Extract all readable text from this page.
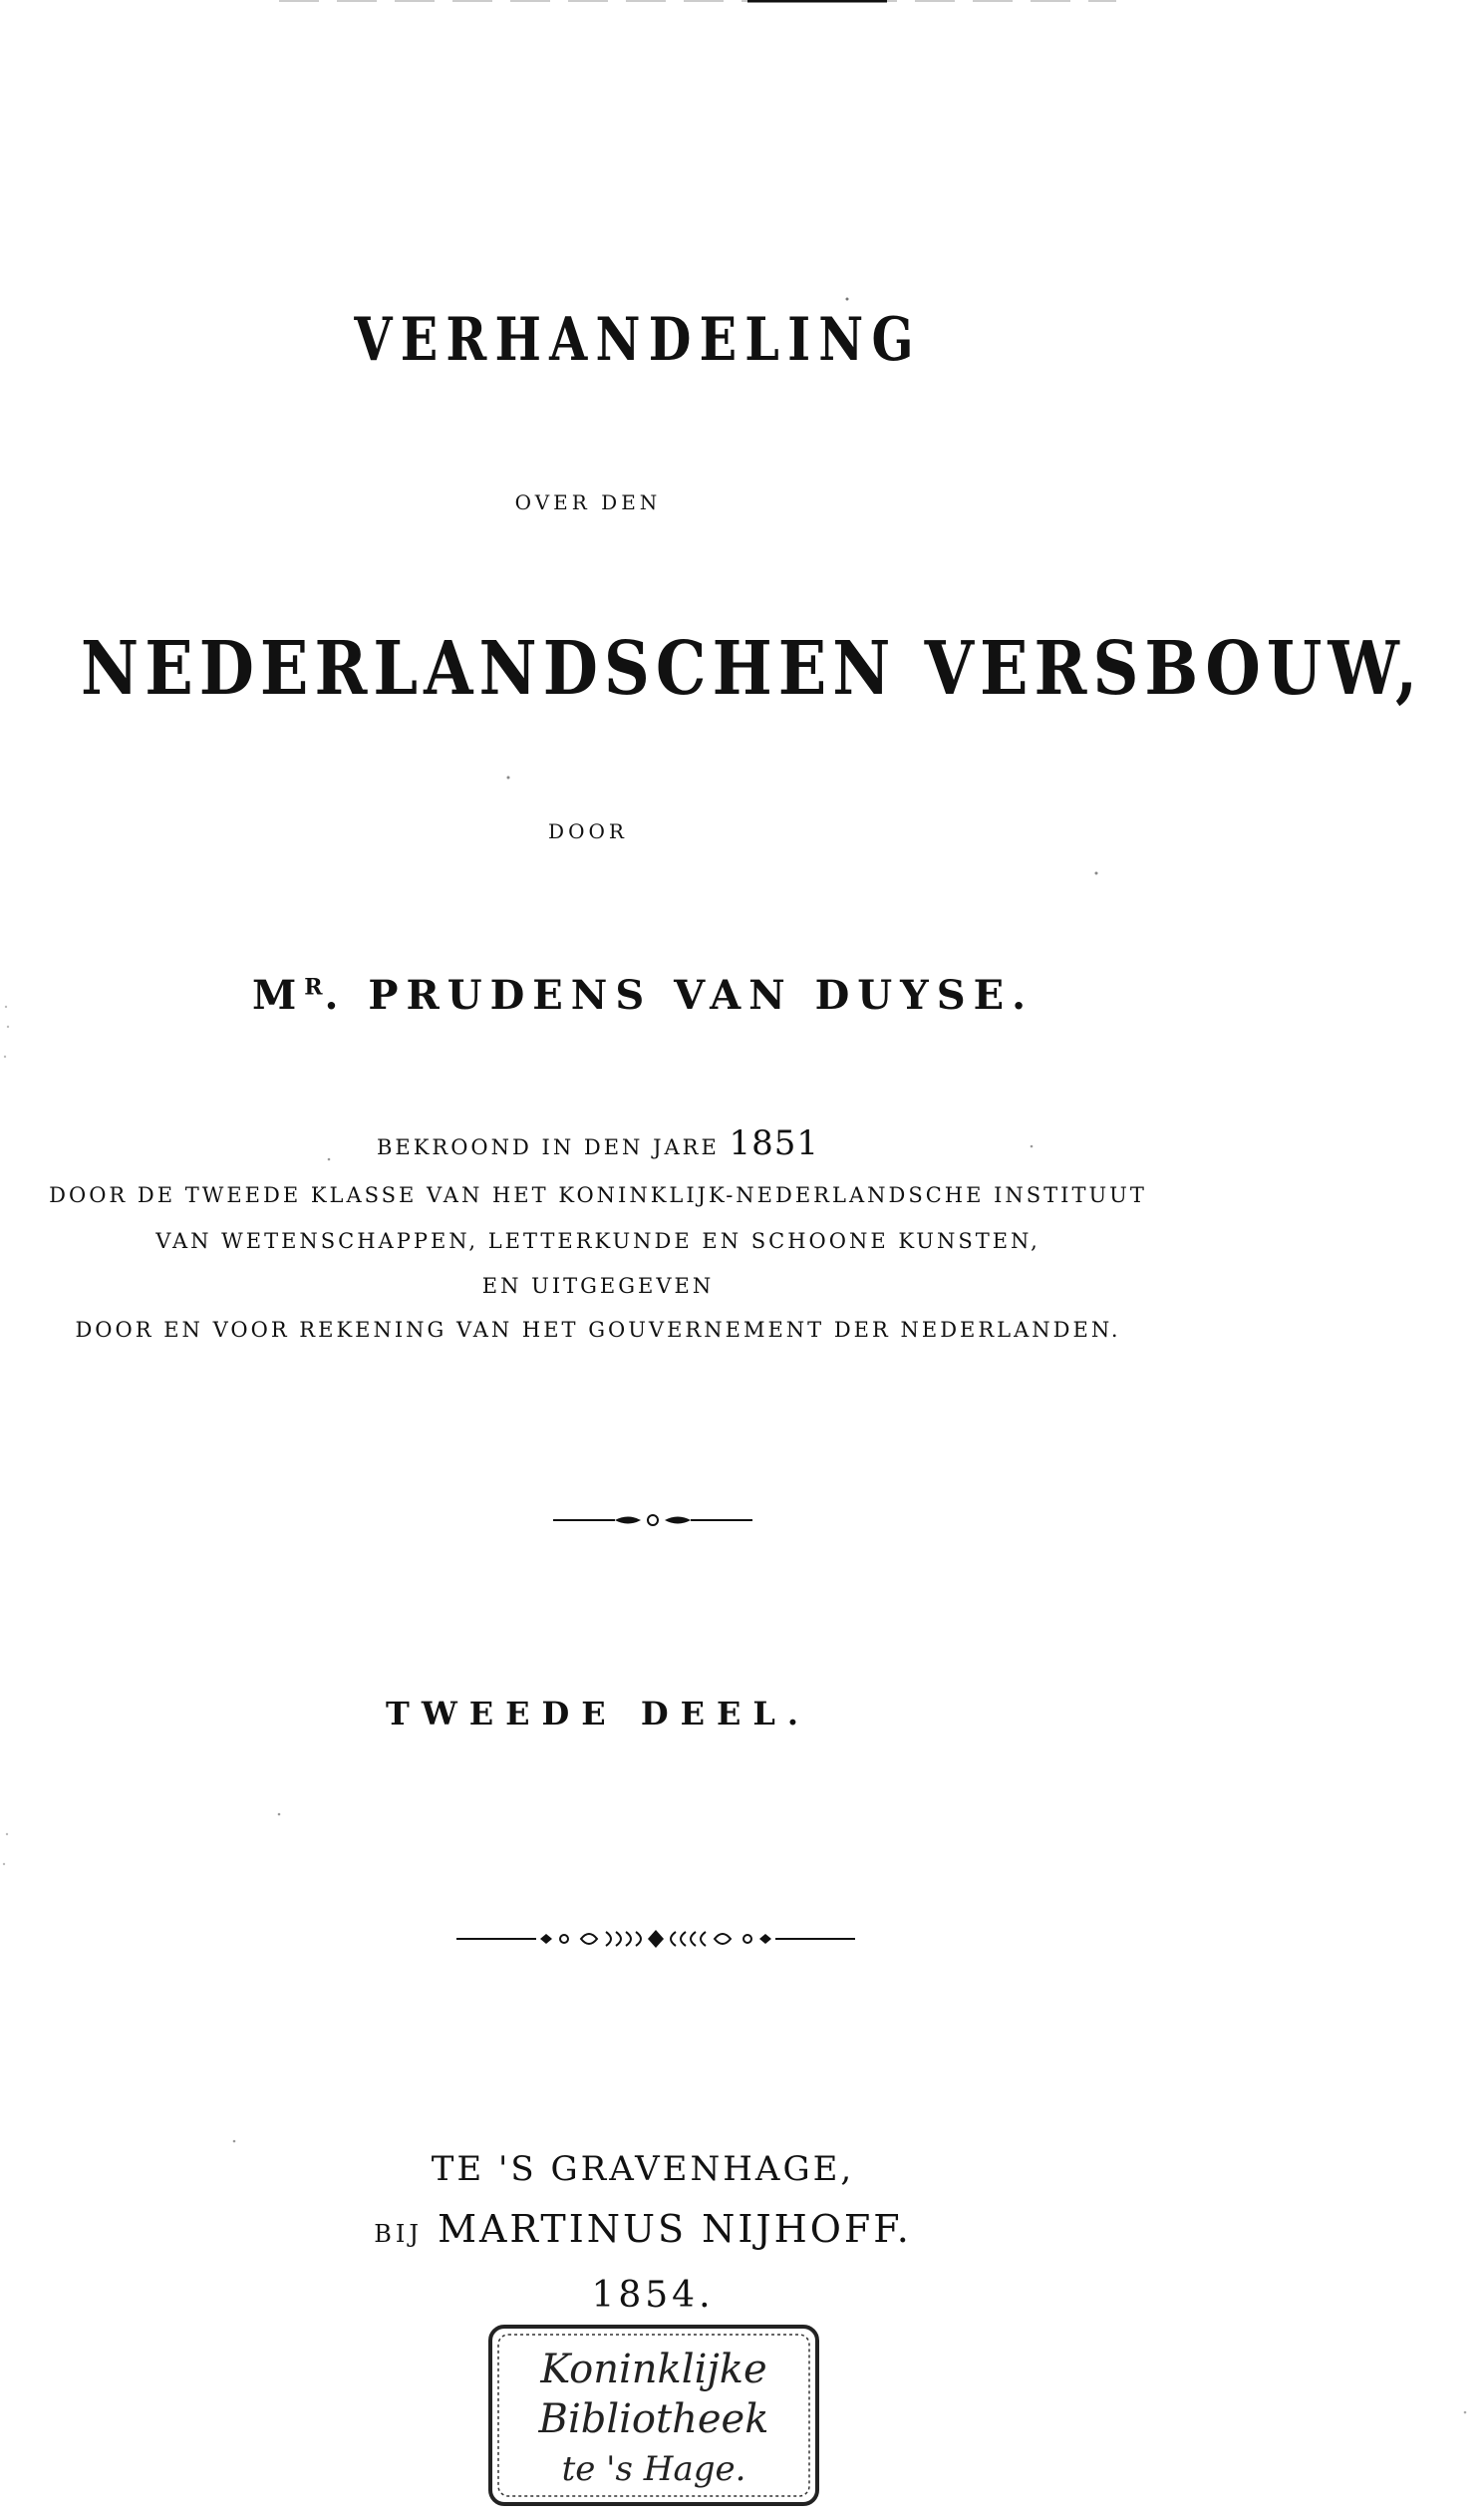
VERHANDELING
OVER DEN
NEDERLANDSCHEN VERSBOUW,
DOOR
$M^R$. PRUDENS VAN DUYSE.
BEKROOND IN DEN JARE 1851
DOOR DE TWEEDE KLASSE VAN HET KONINKLIJK-NEDERLANDSCHE INSTITUUT
VAN WETENSCHAPPEN, LETTERKUNDE EN SCHOONE KUNSTEN,
EN UITGEGEVEN
DOOR EN VOOR REKENING VAN HET GOUVERNEMENT DER NEDERLANDEN.
TWEEDE DEEL.
TE 'S GRAVENHAGE,
BIJ MARTINUS NIJHOFF.
1854.
Koninklijke
Bibliotheek
te 's Hage.
